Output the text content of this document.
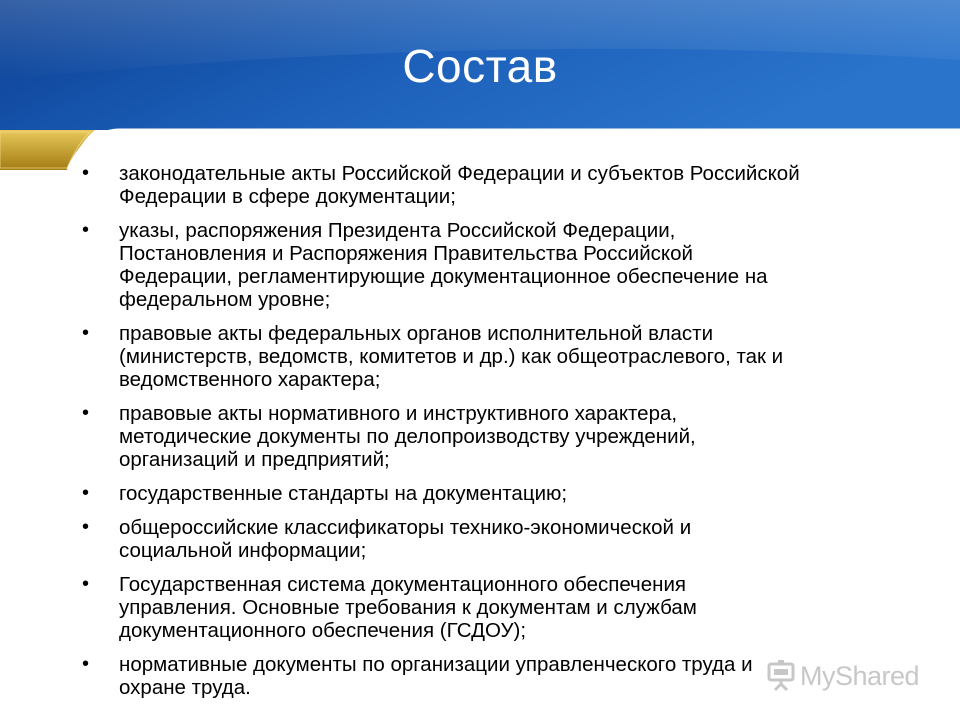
Состав
• законодательные акты Российской Федерации и субъектов Российской
Федерации в сфере документации;
• указы, распоряжения Президента Российской Федерации,
Постановления и Распоряжения Правительства Российской
Федерации, регламентирующие документационное обеспечение на
федеральном уровне;
• правовые акты федеральных органов исполнительной власти
(министерств, ведомств, комитетов и др.) как общеотраслевого, так и
ведомственного характера;
• правовые акты нормативного и инструктивного характера,
методические документы по делопроизводству учреждений,
организаций и предприятий;
• государственные стандарты на документацию;
• общероссийские классификаторы технико-экономической и
социальной информации;
• Государственная система документационного обеспечения
управления. Основные требования к документам и службам
документационного обеспечения (ГСДОУ);
• нормативные документы по организации управленческого труда и
охране труда.	MyShared
